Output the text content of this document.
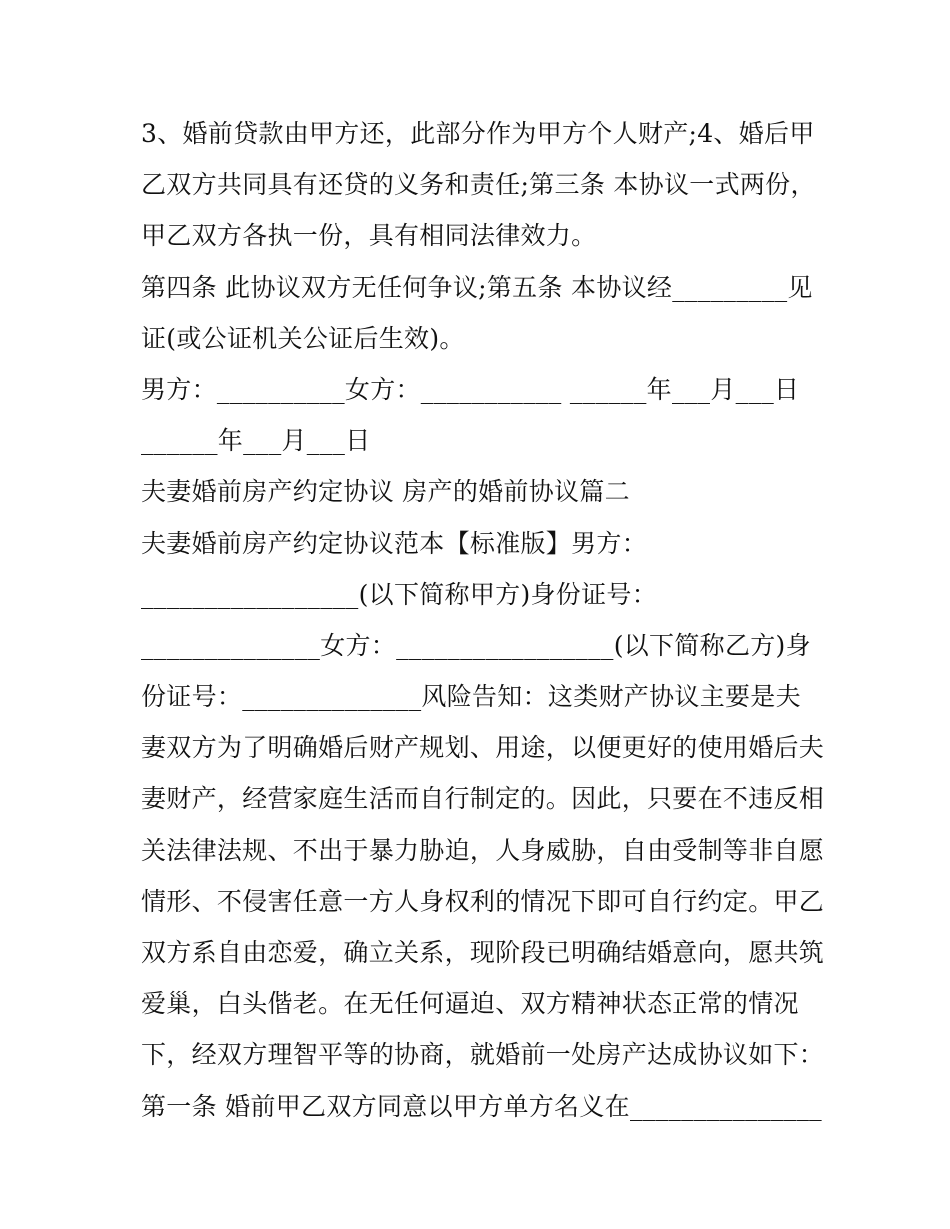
3、婚前贷款由甲方还，此部分作为甲方个人财产;4、婚后甲
乙双方共同具有还贷的义务和责任;第三条 本协议一式两份，
甲乙双方各执一份，具有相同法律效力。
第四条 此协议双方无任何争议;第五条 本协议经_________见
证(或公证机关公证后生效)。
男方：__________女方：___________ ______年___月___日
______年___月___日
夫妻婚前房产约定协议 房产的婚前协议篇二
夫妻婚前房产约定协议范本【标准版】男方：
_________________(以下简称甲方)身份证号：
______________女方：_________________(以下简称乙方)身
份证号：______________风险告知：这类财产协议主要是夫
妻双方为了明确婚后财产规划、用途，以便更好的使用婚后夫
妻财产，经营家庭生活而自行制定的。因此，只要在不违反相
关法律法规、不出于暴力胁迫，人身威胁，自由受制等非自愿
情形、不侵害任意一方人身权利的情况下即可自行约定。甲乙
双方系自由恋爱，确立关系，现阶段已明确结婚意向，愿共筑
爱巢，白头偕老。在无任何逼迫、双方精神状态正常的情况
下，经双方理智平等的协商，就婚前一处房产达成协议如下：
第一条 婚前甲乙双方同意以甲方单方名义在_______________
